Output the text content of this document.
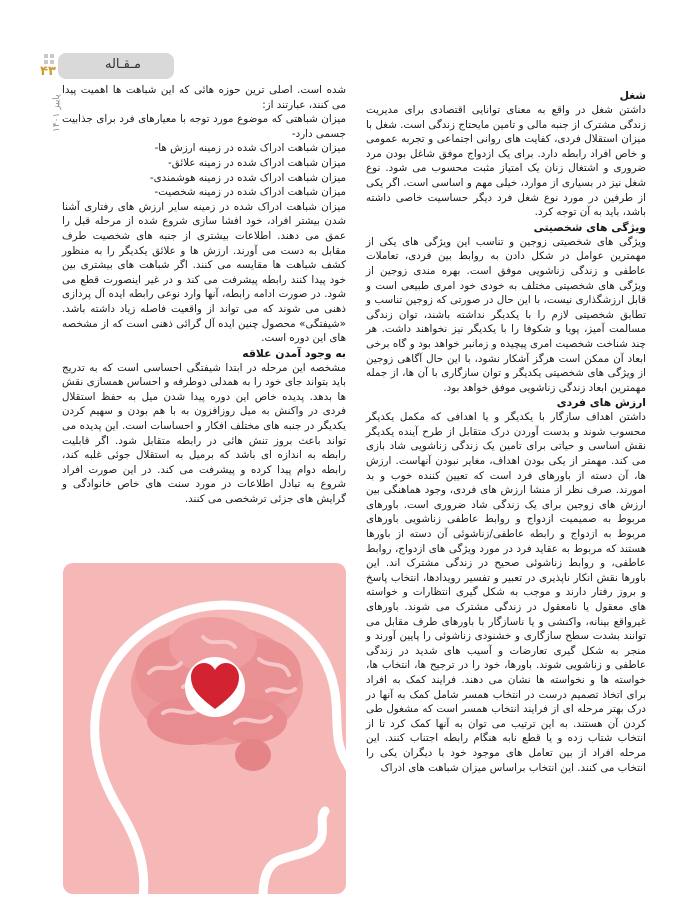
مـقـاله
۴۳
پاییز ۱۴۰۱	شغل

داشتن شغل در واقع به معنای توانایی اقتصادی برای مدیریت زندگی مشترک از جنبه مالی و تامین مایحتاج زندگی است. شغل با میزان استقلال فردی، کفایت های روانی اجتماعی و تجربه عمومی و خاص افراد رابطه دارد. برای یک ازدواج موفق شاغل بودن مرد ضروری و اشتغال زنان یک امتیاز مثبت محسوب می شود. نوع شغل نیز در بسیاری از موارد، خیلی مهم و اساسی است. اگر یکی از طرفین در مورد نوع شغل فرد دیگر حساسیت خاصی داشته باشد، باید به آن توجه کرد.

ویژگی های شخصیتی

ویژگی های شخصیتی زوجین و تناسب این ویژگی های یکی از مهمترین عوامل در شکل دادن به روابط بین فردی، تعاملات عاطفی و زندگی زناشویی موفق است. بهره مندی زوجین از ویژگی های شخصیتی مختلف به خودی خود امری طبیعی است و قابل ارزشگذاری نیست، با این حال در صورتی که زوجین تناسب و تطابق شخصیتی لازم را با یکدیگر نداشته باشند، توان زندگی مسالمت آمیز، پویا و شکوفا را با یکدیگر نیز نخواهند داشت. هر چند شناخت شخصیت امری پیچیده و زمانبر خواهد بود و گاه برخی ابعاد آن ممکن است هرگز آشکار نشود، با این حال آگاهی زوجین از ویژگی های شخصیتی یکدیگر و توان سازگاری با آن ها، از جمله مهمترین ابعاد زندگی زناشویی موفق خواهد بود.

ارزش های فردی

داشتن اهداف سازگار با یکدیگر و یا اهدافی که مکمل یکدیگر محسوب شوند و بدست آوردن درک متقابل از طرح آینده یکدیگر نقش اساسی و حیاتی برای تامین یک زندگی زناشویی شاد بازی می کند. مهمتر از یکی بودن اهداف، مغایر نبودن آنهاست. ارزش ها، آن دسته از باورهای فرد است که تعیین کننده خوب و بد امورند. صرف نظر از منشا ارزش های فردی، وجود هماهنگی بین ارزش های زوجین برای یک زندگی شاد ضروری است. باورهای مربوط به صمیمیت ازدواج و روابط عاطفی زناشویی باورهای مربوط به ازدواج و رابطه عاطفی/زناشوئی آن دسته از باورها هستند که مربوط به عقاید فرد در مورد ویژگی های ازدواج، روابط عاطفی، و روابط زناشوئی صحیح در زندگی مشترک اند. این باورها نقش انکار ناپذیری در تعبیر و تفسیر رویدادها، انتخاب پاسخ و بروز رفتار دارند و موجب به شکل گیری انتظارات و خواسته های معقول یا نامعقول در زندگی مشترک می شوند. باورهای غیرواقع بینانه، واکنشی و یا ناسازگار با باورهای طرف مقابل می توانند بشدت سطح سازگاری و خشنودی زناشوئی را پایین آورند و منجر به شکل گیری تعارضات و آسیب های شدید در زندگی عاطفی و زناشویی شوند. باورها، خود را در ترجیح ها، انتخاب ها، خواسته ها و نخواسته ها نشان می دهند. فرایند کمک به افراد برای اتخاذ تصمیم درست در انتخاب همسر شامل کمک به آنها در درک بهتر مرحله ای از فرایند انتخاب همسر است که مشغول طی کردن آن هستند. به این ترتیب می توان به آنها کمک کرد تا از انتخاب شتاب زده و یا قطع نابه هنگام رابطه اجتناب کنند. این مرحله افراد از بین تعامل های موجود خود با دیگران یکی را انتخاب می کنند. این انتخاب براساس میزان شباهت های ادراک

شده است. اصلی ترین حوزه هائی که این شباهت ها اهمیت پیدا می کنند، عبارتند از:

میزان شباهتی که موضوع مورد توجه با معیارهای فرد برای جذابیت جسمی دارد-

میزان شباهت ادراک شده در زمینه ارزش ها-
میزان شباهت ادراک شده در زمینه علائق-
میزان شباهت ادراک شده در زمینه هوشمندی-
میزان شباهت ادراک شده در زمینه شخصیت-

میزان شباهت ادراک شده در زمینه سایر ارزش های رفتاری آشنا شدن بیشتر افراد، خود افشا سازی شروع شده از مرحله قبل را عمق می دهند. اطلاعات بیشتری از جنبه های شخصیت طرف مقابل به دست می آورند. ارزش ها و علائق یکدیگر را به منظور کشف شباهت ها مقایسه می کنند. اگر شباهت های بیشتری بین خود پیدا کنند رابطه پیشرفت می کند و در غیر اینصورت قطع می شود. در صورت ادامه رابطه، آنها وارد نوعی رابطه ایده آل پردازی ذهنی می شوند که می تواند از واقعیت فاصله زیاد داشته باشد. «شیفتگی» محصول چنین ایده آل گرائی ذهنی است که از مشخصه های این دوره است.

به وجود آمدن علاقه

مشخصه این مرحله در ابتدا شیفتگی احساسی است که به تدریج باید بتواند جای خود را به همدلی دوطرفه و احساس همسازی نقش ها بدهد. پدیده خاص این دوره پیدا شدن میل به حفظ استقلال فردی در واکنش به میل روزافزون به با هم بودن و سهیم کردن یکدیگر در جنبه های مختلف افکار و احساسات است. این پدیده می تواند باعث بروز تنش هائی در رابطه متقابل شود. اگر قابلیت رابطه به اندازه ای باشد که برمیل به استقلال جوئی غلبه کند، رابطه دوام پیدا کرده و پیشرفت می کند. در این صورت افراد شروع به تبادل اطلاعات در مورد سنت های خاص خانوادگی و گرایش های جزئی ترشخصی می کنند.
